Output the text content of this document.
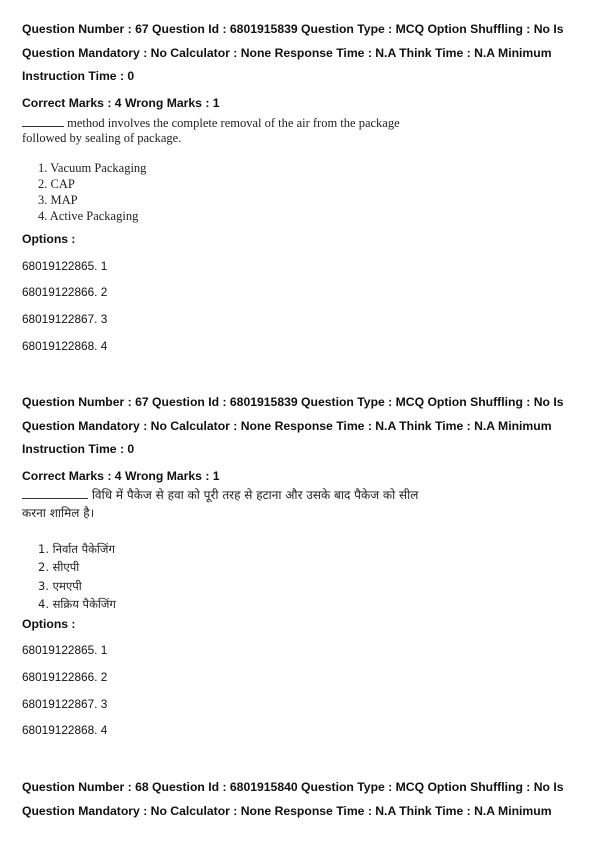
Question Number : 67 Question Id : 6801915839 Question Type : MCQ Option Shuffling : No Is
Question Mandatory : No Calculator : None Response Time : N.A Think Time : N.A Minimum
Instruction Time : 0
Correct Marks : 4 Wrong Marks : 1
method involves the complete removal of the air from the package
followed by sealing of package.
1. Vacuum Packaging
2. CAP
3. MAP
4. Active Packaging
Options :
68019122865. 1
68019122866. 2
68019122867. 3
68019122868. 4
Question Number : 67 Question Id : 6801915839 Question Type : MCQ Option Shuffling : No Is
Question Mandatory : No Calculator : None Response Time : N.A Think Time : N.A Minimum
Instruction Time : 0
Correct Marks : 4 Wrong Marks : 1
विधि में पैकेज से हवा को पूरी तरह से हटाना और उसके बाद पैकेज को सील
करना शामिल है।
1. निर्वात पैकेजिंग
2. सीएपी
3. एमएपी
4. सक्रिय पैकेजिंग
Options :
68019122865. 1
68019122866. 2
68019122867. 3
68019122868. 4
Question Number : 68 Question Id : 6801915840 Question Type : MCQ Option Shuffling : No Is
Question Mandatory : No Calculator : None Response Time : N.A Think Time : N.A Minimum
